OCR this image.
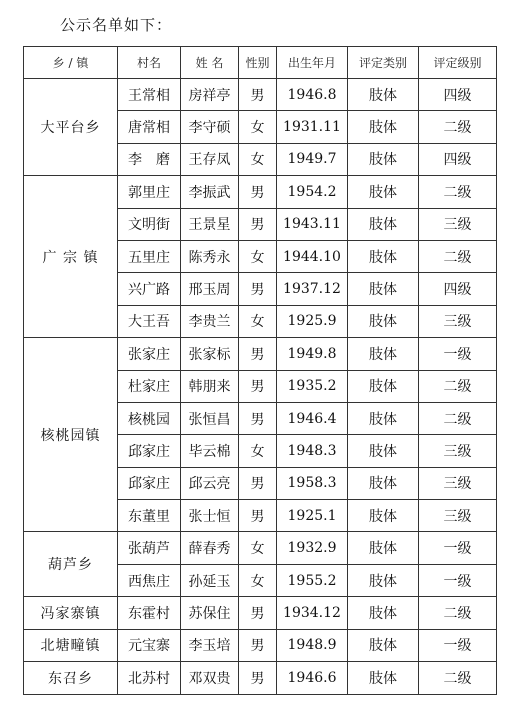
公示名单如下：
乡 / 镇	村名	姓 名	性别	出生年月	评定类别	评定级别
大平台乡	王常相	房祥亭	男	1946.8	肢体	四级
	唐常相	李守硕	女	1931.11	肢体	二级
	李　磨	王存凤	女	1949.7	肢体	四级
广 宗 镇	郭里庄	李振武	男	1954.2	肢体	二级
	文明街	王景星	男	1943.11	肢体	三级
	五里庄	陈秀永	女	1944.10	肢体	二级
	兴广路	邢玉周	男	1937.12	肢体	四级
	大王吾	李贵兰	女	1925.9	肢体	三级
核桃园镇	张家庄	张家标	男	1949.8	肢体	一级
	杜家庄	韩朋来	男	1935.2	肢体	二级
	核桃园	张恒昌	男	1946.4	肢体	二级
	邱家庄	毕云棉	女	1948.3	肢体	三级
	邱家庄	邱云亮	男	1958.3	肢体	三级
	东董里	张士恒	男	1925.1	肢体	三级
葫芦乡	张葫芦	薛春秀	女	1932.9	肢体	一级
	西焦庄	孙延玉	女	1955.2	肢体	一级
冯家寨镇	东霍村	苏保住	男	1934.12	肢体	二级
北塘疃镇	元宝寨	李玉培	男	1948.9	肢体	一级
东召乡	北苏村	邓双贵	男	1946.6	肢体	二级
